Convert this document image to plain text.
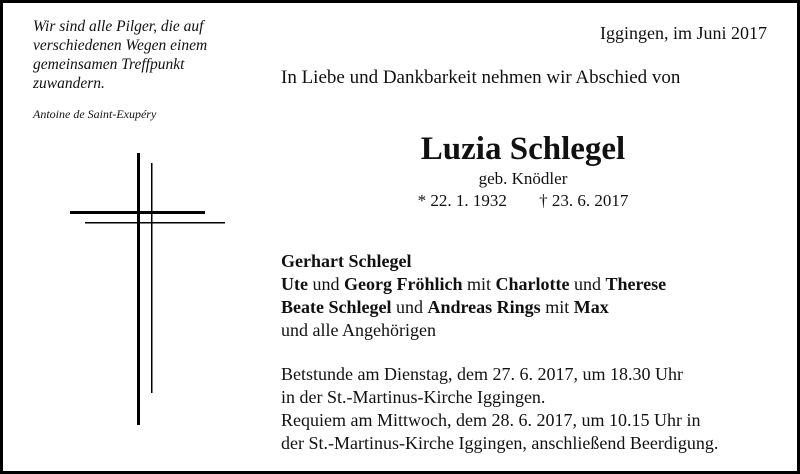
Wir sind alle Pilger, die auf
verschiedenen Wegen einem
gemeinsamen Treffpunkt
zuwandern.
Antoine de Saint-Exupéry
Iggingen, im Juni 2017
In Liebe und Dankbarkeit nehmen wir Abschied von
Luzia Schlegel
geb. Knödler
* 22. 1. 1932 † 23. 6. 2017
Gerhart Schlegel
Ute und Georg Fröhlich mit Charlotte und Therese
Beate Schlegel und Andreas Rings mit Max
und alle Angehörigen
Betstunde am Dienstag, dem 27. 6. 2017, um 18.30 Uhr
in der St.-Martinus-Kirche Iggingen.
Requiem am Mittwoch, dem 28. 6. 2017, um 10.15 Uhr in
der St.-Martinus-Kirche Iggingen, anschließend Beerdigung.
